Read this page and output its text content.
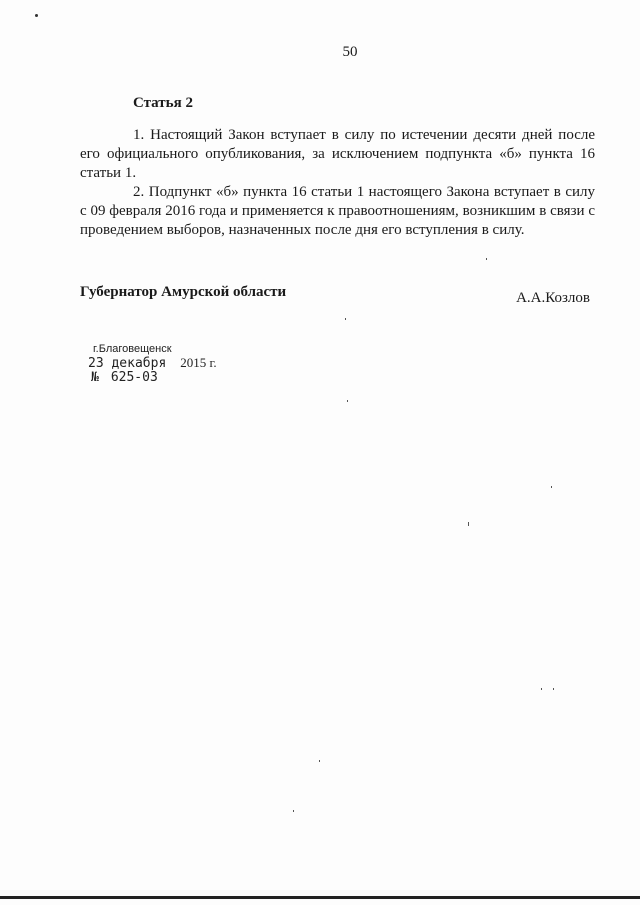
50
Статья 2

1. Настоящий Закон вступает в силу по истечении десяти дней после его официального опубликования, за исключением подпункта «б» пункта 16 статьи 1.

2. Подпункт «б» пункта 16 статьи 1 настоящего Закона вступает в силу с 09 февраля 2016 года и применяется к правоотношениям, возникшим в связи с проведением выборов, назначенных после дня его вступления в силу.

Губернатор Амурской области	А.А.Козлов
г.Благовещенск
23 декабря 2015 г.
№ 625-03
